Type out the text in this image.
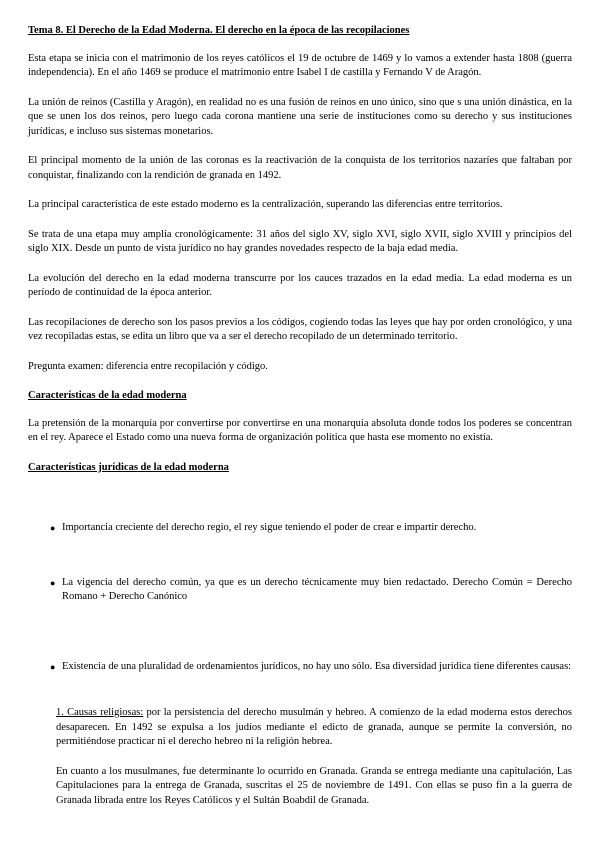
Tema 8. El Derecho de la Edad Moderna. El derecho en la época de las recopilaciones

Esta etapa se inicia con el matrimonio de los reyes católicos el 19 de octubre de 1469 y lo vamos a extender hasta 1808 (guerra independencia). En el año 1469 se produce el matrimonio entre Isabel I de castilla y Fernando V de Aragón.

La unión de reinos (Castilla y Aragón), en realidad no es una fusión de reinos en uno único, sino que s una unión dinástica, en la que se unen los dos reinos, pero luego cada corona mantiene una serie de instituciones como su derecho y sus instituciones jurídicas, e incluso sus sistemas monetarios.

El principal momento de la unión de las coronas es la reactivación de la conquista de los territorios nazaríes que faltaban por conquistar, finalizando con la rendición de granada en 1492.

La principal característica de este estado moderno es la centralización, superando las diferencias entre territorios.

Se trata de una etapa muy amplia cronológicamente: 31 años del siglo XV, siglo XVI, siglo XVII, siglo XVIII y principios del siglo XIX. Desde un punto de vista jurídico no hay grandes novedades respecto de la baja edad media.

La evolución del derecho en la edad moderna transcurre por los cauces trazados en la edad media. La edad moderna es un período de continuidad de la época anterior.

Las recopilaciones de derecho son los pasos previos a los códigos, cogiendo todas las leyes que hay por orden cronológico, y una vez recopiladas estas, se edita un libro que va a ser el derecho recopilado de un determinado territorio.

Pregunta examen: diferencia entre recopilación y código.

Características de la edad moderna

La pretensión de la monarquía por convertirse por convertirse en una monarquía absoluta donde todos los poderes se concentran en el rey. Aparece el Estado como una nueva forma de organización política que hasta ese momento no existía.

Características jurídicas de la edad moderna
● Importancia creciente del derecho regio, el rey sigue teniendo el poder de crear e impartir derecho.
● La vigencia del derecho común, ya que es un derecho técnicamente muy bien redactado. Derecho Común = Derecho Romano + Derecho Canónico
● Existencia de una pluralidad de ordenamientos jurídicos, no hay uno sólo. Esa diversidad jurídica tiene diferentes causas:
1. Causas religiosas: por la persistencia del derecho musulmán y hebreo. A comienzo de la edad moderna estos derechos desaparecen. En 1492 se expulsa a los judíos mediante el edicto de granada, aunque se permite la conversión, no permitiéndose practicar ni el derecho hebreo ni la religión hebrea.
En cuanto a los musulmanes, fue determinante lo ocurrido en Granada. Granda se entrega mediante una capitulación, Las Capitulaciones para la entrega de Granada, suscritas el 25 de noviembre de 1491. Con ellas se puso fin a la guerra de Granada librada entre los Reyes Católicos y el Sultán Boabdil de Granada.
